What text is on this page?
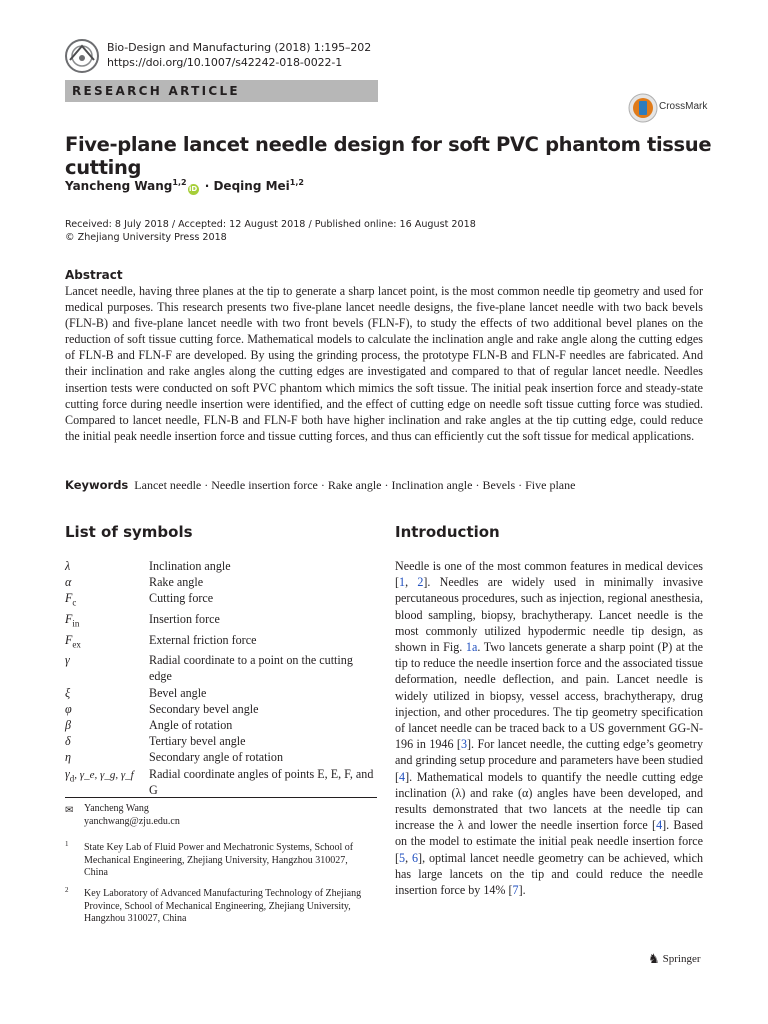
Bio-Design and Manufacturing (2018) 1:195–202
https://doi.org/10.1007/s42242-018-0022-1
RESEARCH ARTICLE
CrossMark
Five-plane lancet needle design for soft PVC phantom tissue cutting
Yancheng Wang$^{1,2}$iD · Deqing Mei$^{1,2}$
Received: 8 July 2018 / Accepted: 12 August 2018 / Published online: 16 August 2018
© Zhejiang University Press 2018
Abstract
Lancet needle, having three planes at the tip to generate a sharp lancet point, is the most common needle tip geometry and used for medical purposes. This research presents two five-plane lancet needle designs, the five-plane lancet needle with two back bevels (FLN-B) and five-plane lancet needle with two front bevels (FLN-F), to study the effects of two additional bevel planes on the reduction of soft tissue cutting force. Mathematical models to calculate the inclination angle and rake angle along the cutting edges of FLN-B and FLN-F are developed. By using the grinding process, the prototype FLN-B and FLN-F needles are fabricated. And their inclination and rake angles along the cutting edges are investigated and compared to that of regular lancet needle. Needles insertion tests were conducted on soft PVC phantom which mimics the soft tissue. The initial peak insertion force and steady-state cutting force during needle insertion were identified, and the effect of cutting edge on needle soft tissue cutting force was studied. Compared to lancet needle, FLN-B and FLN-F both have higher inclination and rake angles at the tip cutting edge, could reduce the initial peak needle insertion force and tissue cutting forces, and thus can efficiently cut the soft tissue for medical applications.
Keywords Lancet needle · Needle insertion force · Rake angle · Inclination angle · Bevels · Five plane
List of symbols	Introduction
λ	Inclination angle
α	Rake angle
$F_c$	Cutting force
$F_{in}$	Insertion force
$F_{ex}$	External friction force
γ	Radial coordinate to a point on the cutting edge
ξ	Bevel angle
φ	Secondary bevel angle
β	Angle of rotation
δ	Tertiary bevel angle
η	Secondary angle of rotation
$\gamma_d$, γ_e, γ_g, γ_f	Radial coordinate angles of points E, E, F, and G
Needle is one of the most common features in medical devices [1, 2]. Needles are widely used in minimally invasive percutaneous procedures, such as injection, regional anesthesia, blood sampling, biopsy, brachytherapy. Lancet needle is the most commonly utilized hypodermic needle tip design, as shown in Fig. 1a. Two lancets generate a sharp point (P) at the tip to reduce the needle insertion force and the associated tissue deformation, needle deflection, and pain. Lancet needle is widely utilized in biopsy, vessel access, brachytherapy, drug injection, and other procedures. The tip geometry specification of lancet needle can be traced back to a US government GG-N-196 in 1946 [3]. For lancet needle, the cutting edge’s geometry and grinding setup procedure and parameters have been studied [4]. Mathematical models to quantify the needle cutting edge inclination (λ) and rake (α) angles have been developed, and results demonstrated that two lancets at the needle tip can increase the λ and lower the needle insertion force [4]. Based on the model to estimate the initial peak needle insertion force [5, 6], optimal lancet needle geometry can be achieved, which has large lancets on the tip and could reduce the needle insertion force by 14% [7].
✉ Yancheng Wang
yanchwang@zju.edu.cn
1 State Key Lab of Fluid Power and Mechatronic Systems, School of Mechanical Engineering, Zhejiang University, Hangzhou 310027, China
2 Key Laboratory of Advanced Manufacturing Technology of Zhejiang Province, School of Mechanical Engineering, Zhejiang University, Hangzhou 310027, China
♞ Springer
